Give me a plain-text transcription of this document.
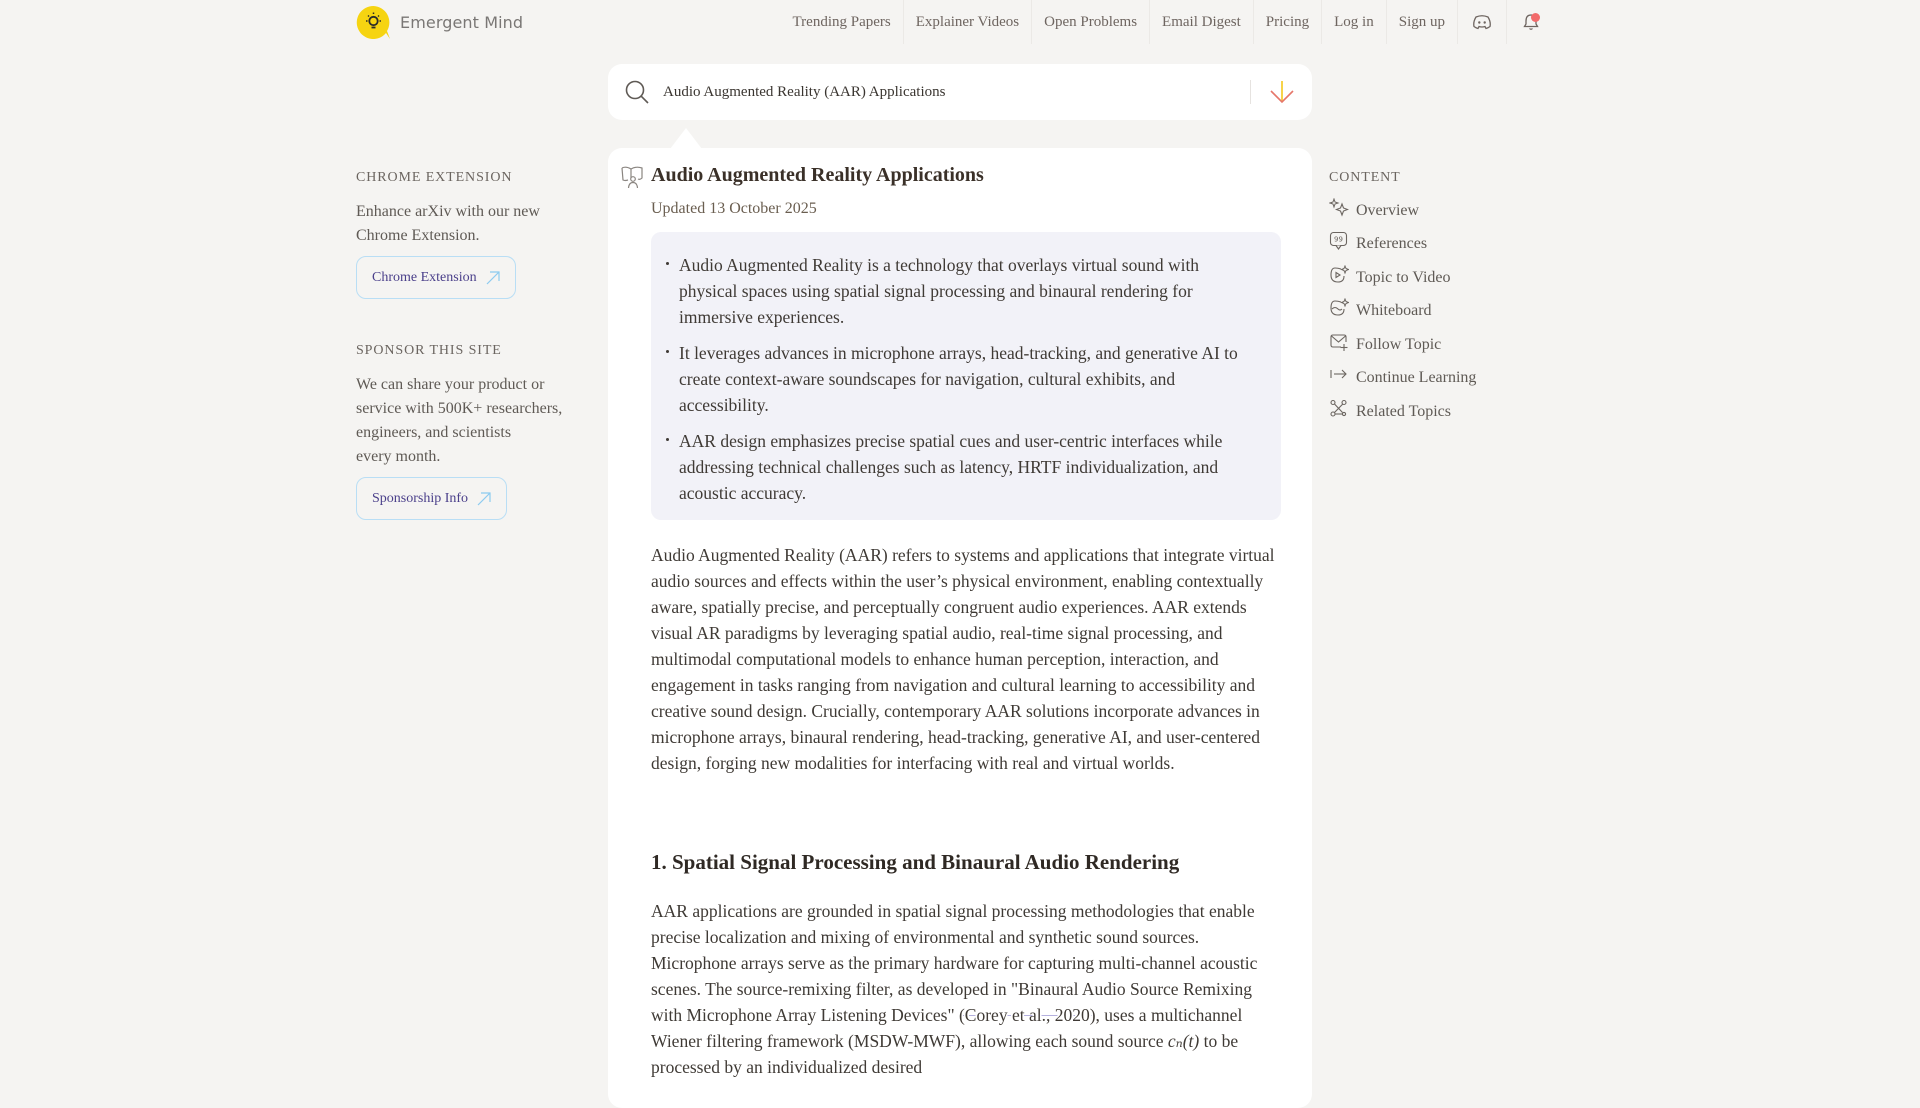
Emergent Mind	Trending Papers	Explainer Videos	Open Problems	Email Digest	Pricing	Log in	Sign up
Audio Augmented Reality (AAR) Applications
CHROME EXTENSION
Enhance arXiv with our new Chrome Extension.
Chrome Extension
SPONSOR THIS SITE
We can share your product or
service with 500K+ researchers,
engineers, and scientists
every month.
Sponsorship Info
Audio Augmented Reality Applications
Updated 13 October 2025
Audio Augmented Reality is a technology that overlays virtual sound with physical spaces using spatial signal processing and binaural rendering for immersive experiences.
It leverages advances in microphone arrays, head-tracking, and generative AI to create context-aware soundscapes for navigation, cultural exhibits, and accessibility.
AAR design emphasizes precise spatial cues and user-centric interfaces while addressing technical challenges such as latency, HRTF individualization, and acoustic accuracy.

Audio Augmented Reality (AAR) refers to systems and applications that integrate virtual audio sources and effects within the user’s physical environment, enabling contextually aware, spatially precise, and perceptually congruent audio experiences. AAR extends visual AR paradigms by leveraging spatial audio, real-time signal processing, and multimodal computational models to enhance human perception, interaction, and engagement in tasks ranging from navigation and cultural learning to accessibility and creative sound design. Crucially, contemporary AAR solutions incorporate advances in microphone arrays, binaural rendering, head-tracking, generative AI, and user-centered design, forging new modalities for interfacing with real and virtual worlds.

1. Spatial Signal Processing and Binaural Audio Rendering

AAR applications are grounded in spatial signal processing methodologies that enable precise localization and mixing of environmental and synthetic sound sources. Microphone arrays serve as the primary hardware for capturing multi-channel acoustic scenes. The source-remixing filter, as developed in "Binaural Audio Source Remixing with Microphone Array Listening Devices" (Corey et al., 2020), uses a multichannel Wiener filtering framework (MSDW-MWF), allowing each sound source cₙ(t) to be processed by an individualized desired

CONTENT
Overview
99 References
Topic to Video
Whiteboard
Follow Topic
Continue Learning
Related Topics
